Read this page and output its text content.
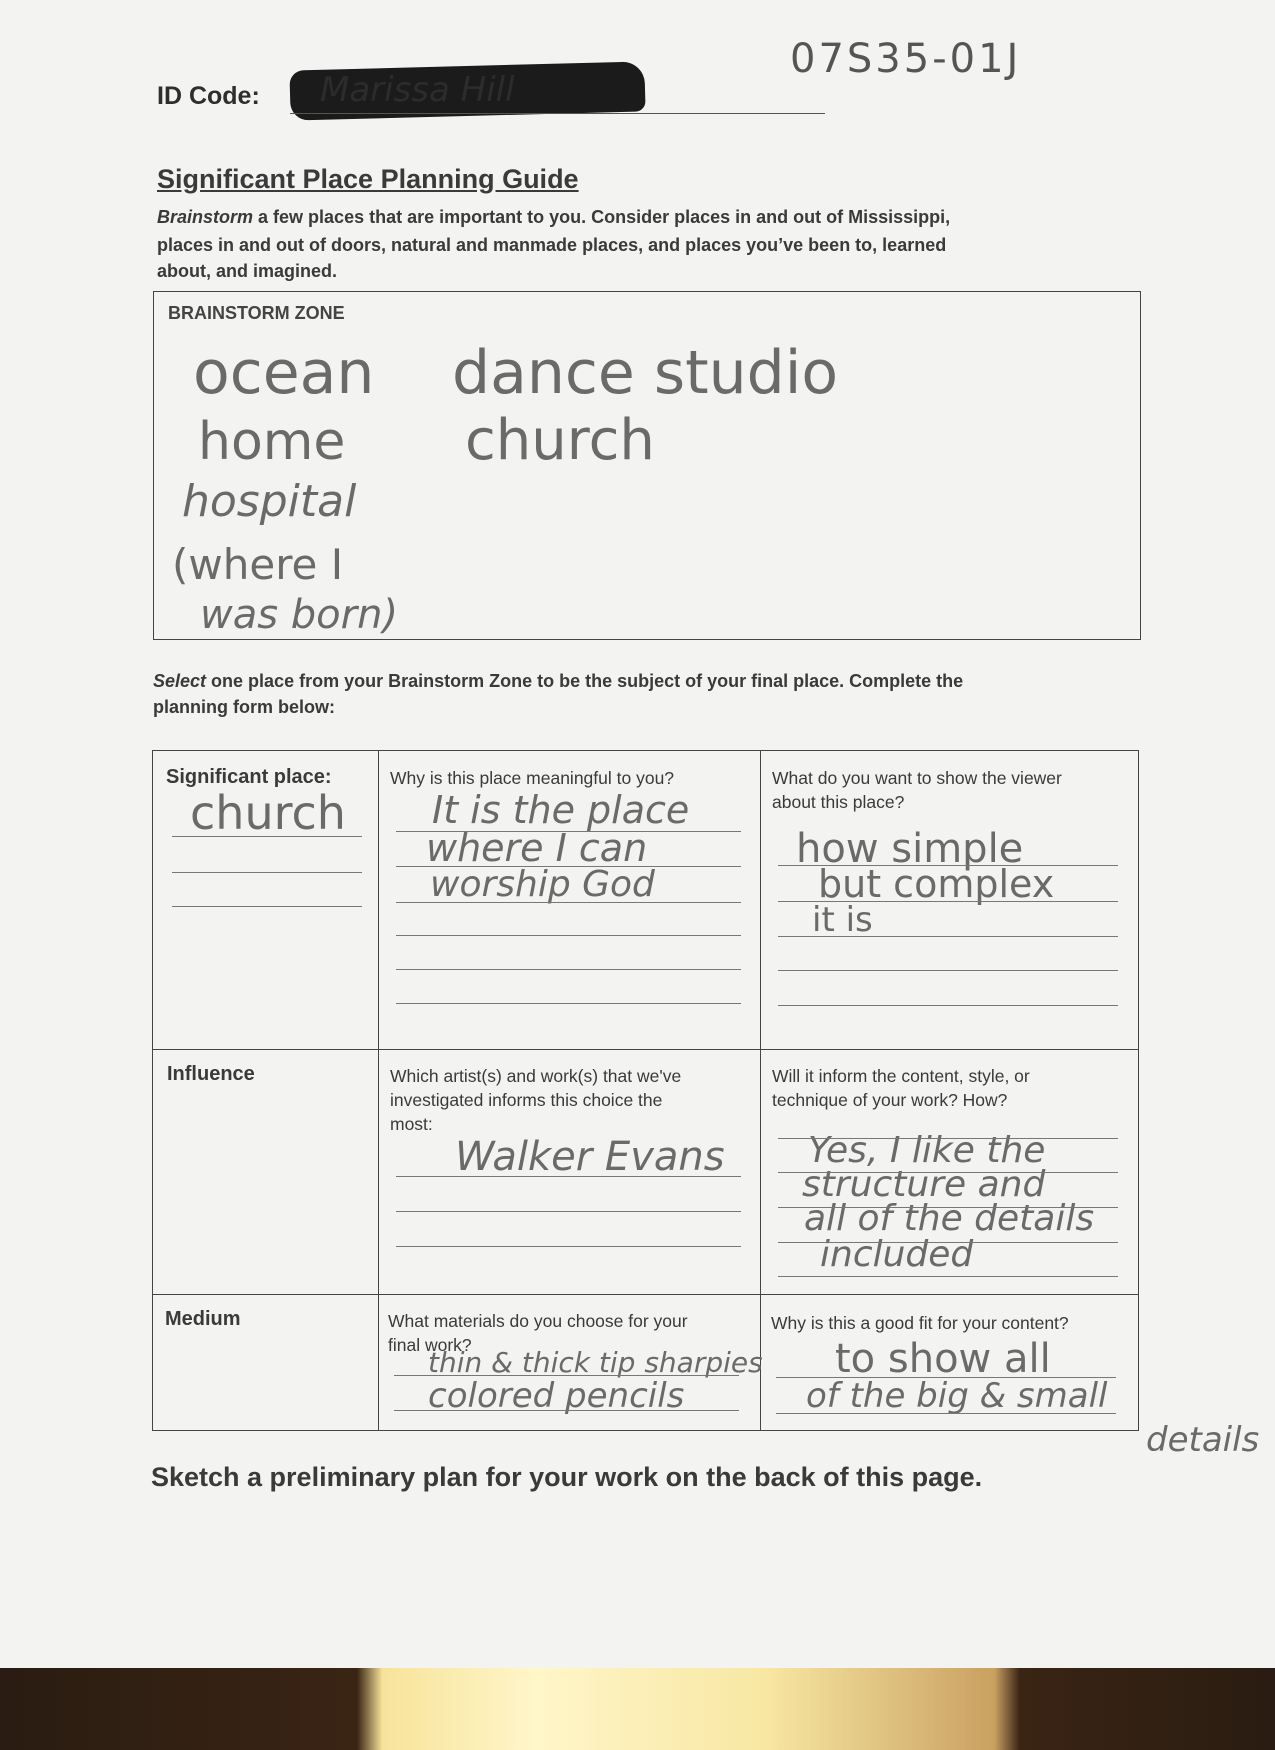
ID Code: Marissa Hill
07S35-01J
Significant Place Planning Guide
Brainstorm a few places that are important to you. Consider places in and out of Mississippi,
places in and out of doors, natural and manmade places, and places you’ve been to, learned
about, and imagined.
BRAINSTORM ZONE
ocean dance studio
home church
hospital
(where I
was born)
Select one place from your Brainstorm Zone to be the subject of your final place. Complete the
planning form below:
Significant place:
church
Why is this place meaningful to you?
It is the place
where I can
worship God
What do you want to show the viewer
about this place?
how simple
but complex
it is
Influence	Which artist(s) and work(s) that we've
investigated informs this choice the
most:
Walker Evans
Will it inform the content, style, or
technique of your work? How?
Yes, I like the
structure and
all of the details
included
Medium	What materials do you choose for your
final work?
thin & thick tip sharpies
colored pencils
Why is this a good fit for your content?
to show all
of the big & small
details
Sketch a preliminary plan for your work on the back of this page.
